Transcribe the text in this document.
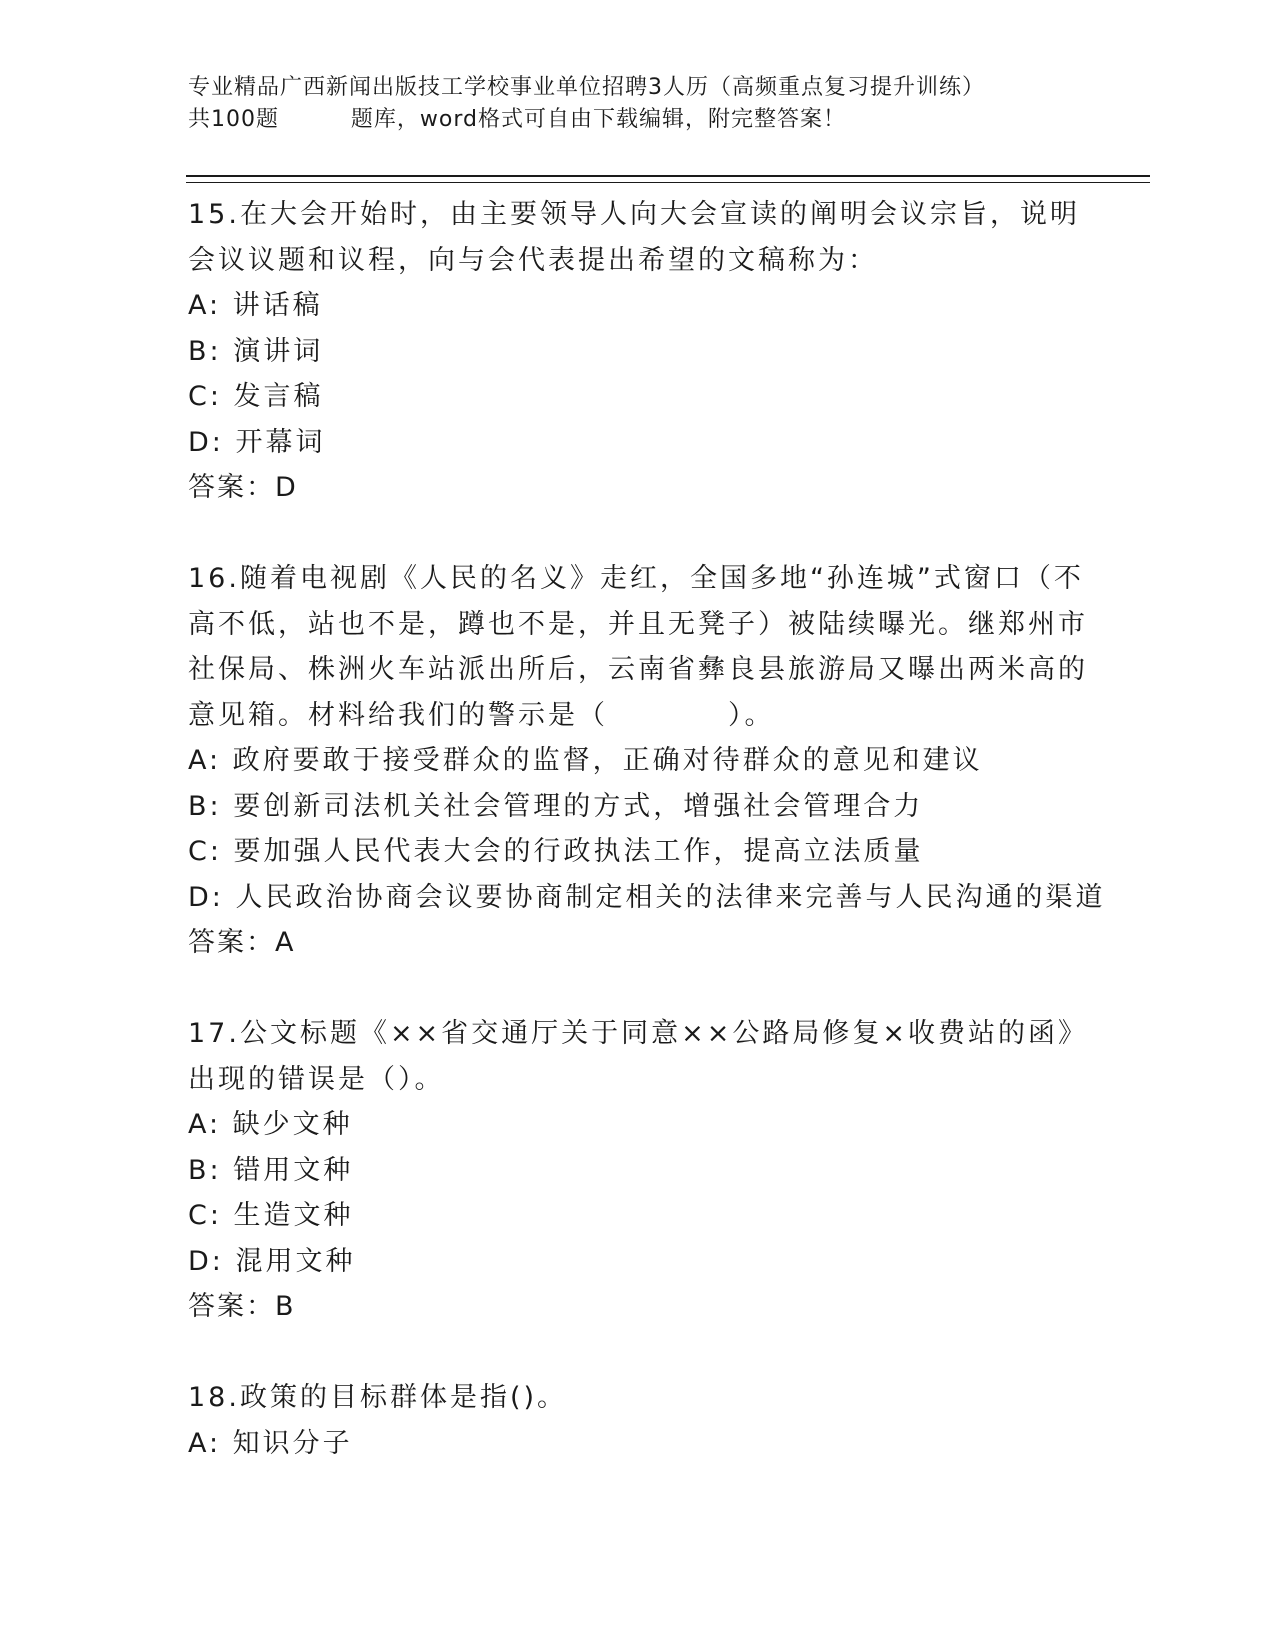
专业精品广西新闻出版技工学校事业单位招聘3人历（高频重点复习提升训练）
共100题         题库，word格式可自由下载编辑，附完整答案！

15.在大会开始时，由主要领导人向大会宣读的阐明会议宗旨，说明会议议题和议程，向与会代表提出希望的文稿称为：

A: 讲话稿
B: 演讲词
C: 发言稿
D: 开幕词
答案：D

16.随着电视剧《人民的名义》走红，全国多地“孙连城”式窗口（不高不低，站也不是，蹲也不是，并且无凳子）被陆续曝光。继郑州市社保局、株洲火车站派出所后，云南省彝良县旅游局又曝出两米高的意见箱。材料给我们的警示是（　　　　）。

A: 政府要敢于接受群众的监督，正确对待群众的意见和建议
B: 要创新司法机关社会管理的方式，增强社会管理合力
C: 要加强人民代表大会的行政执法工作，提高立法质量
D: 人民政治协商会议要协商制定相关的法律来完善与人民沟通的渠道
答案：A

17.公文标题《××省交通厅关于同意××公路局修复×收费站的函》出现的错误是（）。

A: 缺少文种
B: 错用文种
C: 生造文种
D: 混用文种
答案：B

18.政策的目标群体是指()。

A: 知识分子
